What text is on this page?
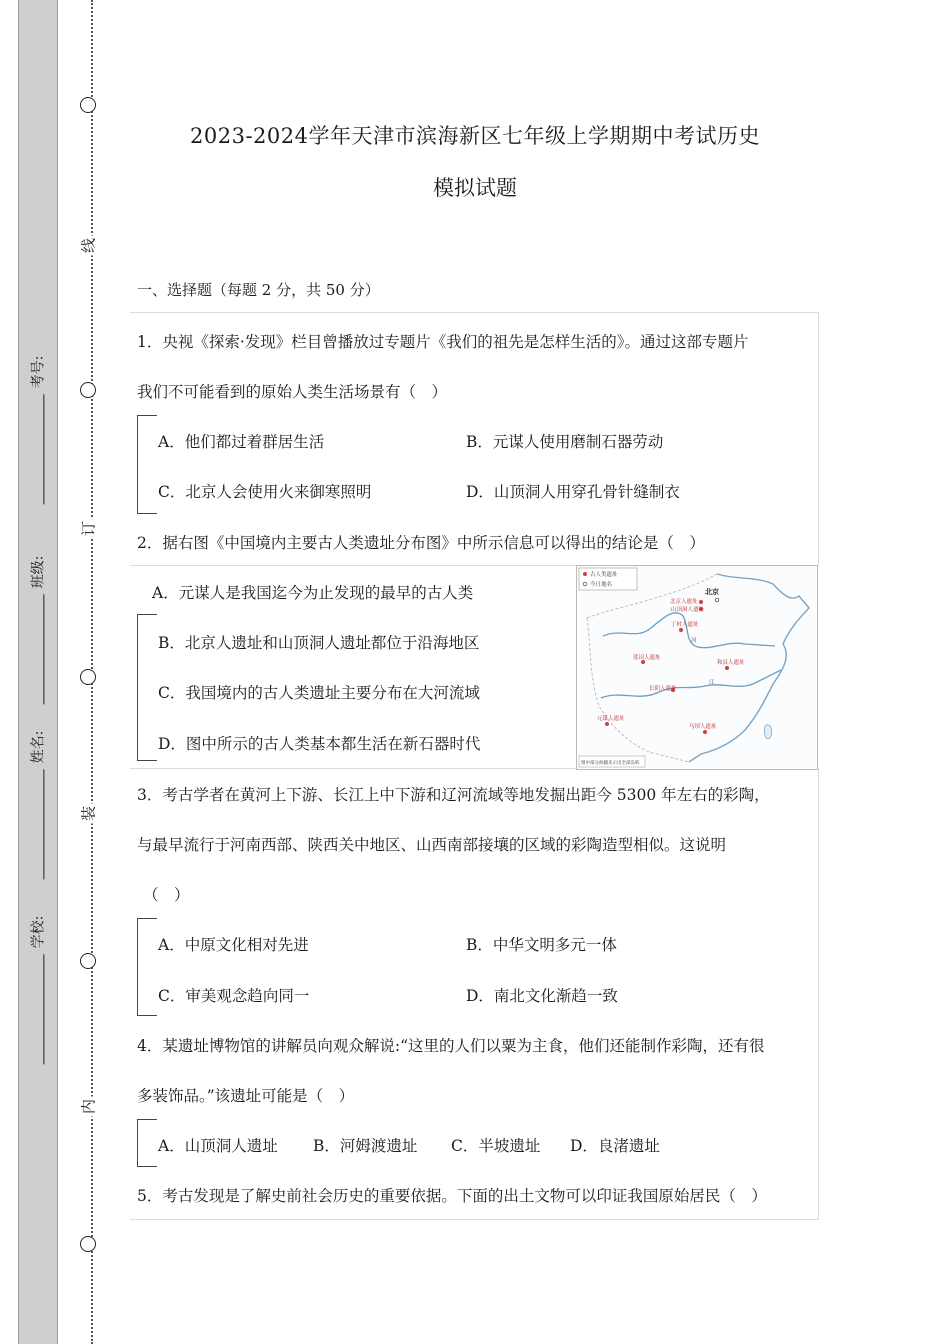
线
订
装
内
考号:
班级:
姓名:
学校:
2023-2024学年天津市滨海新区七年级上学期期中考试历史
模拟试题
一、选择题（每题 2 分，共 50 分）
1．央视《探索·发现》栏目曾播放过专题片《我们的祖先是怎样生活的》。通过这部专题片
我们不可能看到的原始人类生活场景有（　）
A．他们都过着群居生活	B．元谋人使用磨制石器劳动
C．北京人会使用火来御寒照明	D．山顶洞人用穿孔骨针缝制衣
2．据右图《中国境内主要古人类遗址分布图》中所示信息可以得出的结论是（　）
A．元谋人是我国迄今为止发现的最早的古人类
B．北京人遗址和山顶洞人遗址都位于沿海地区
C．我国境内的古人类遗址主要分布在大河流域
D．图中所示的古人类基本都生活在新石器时代
古人类遗址
今日地名
北京
北京人遗址
山顶洞人遗址
丁村人遗址
蓝田人遗址
和县人遗址
长阳人遗址
元谋人遗址
马坝人遗址
江
河
图中部分海疆未示出全部岛屿
3．考古学者在黄河上下游、长江上中下游和辽河流域等地发掘出距今 5300 年左右的彩陶，
与最早流行于河南西部、陕西关中地区、山西南部接壤的区域的彩陶造型相似。这说明
（　）
A．中原文化相对先进	B．中华文明多元一体
C．审美观念趋向同一	D．南北文化渐趋一致
4．某遗址博物馆的讲解员向观众解说:“这里的人们以粟为主食，他们还能制作彩陶，还有很
多装饰品。”该遗址可能是（　）
A．山顶洞人遗址 B．河姆渡遗址 C．半坡遗址 D．良渚遗址
5．考古发现是了解史前社会历史的重要依据。下面的出土文物可以印证我国原始居民（　）
